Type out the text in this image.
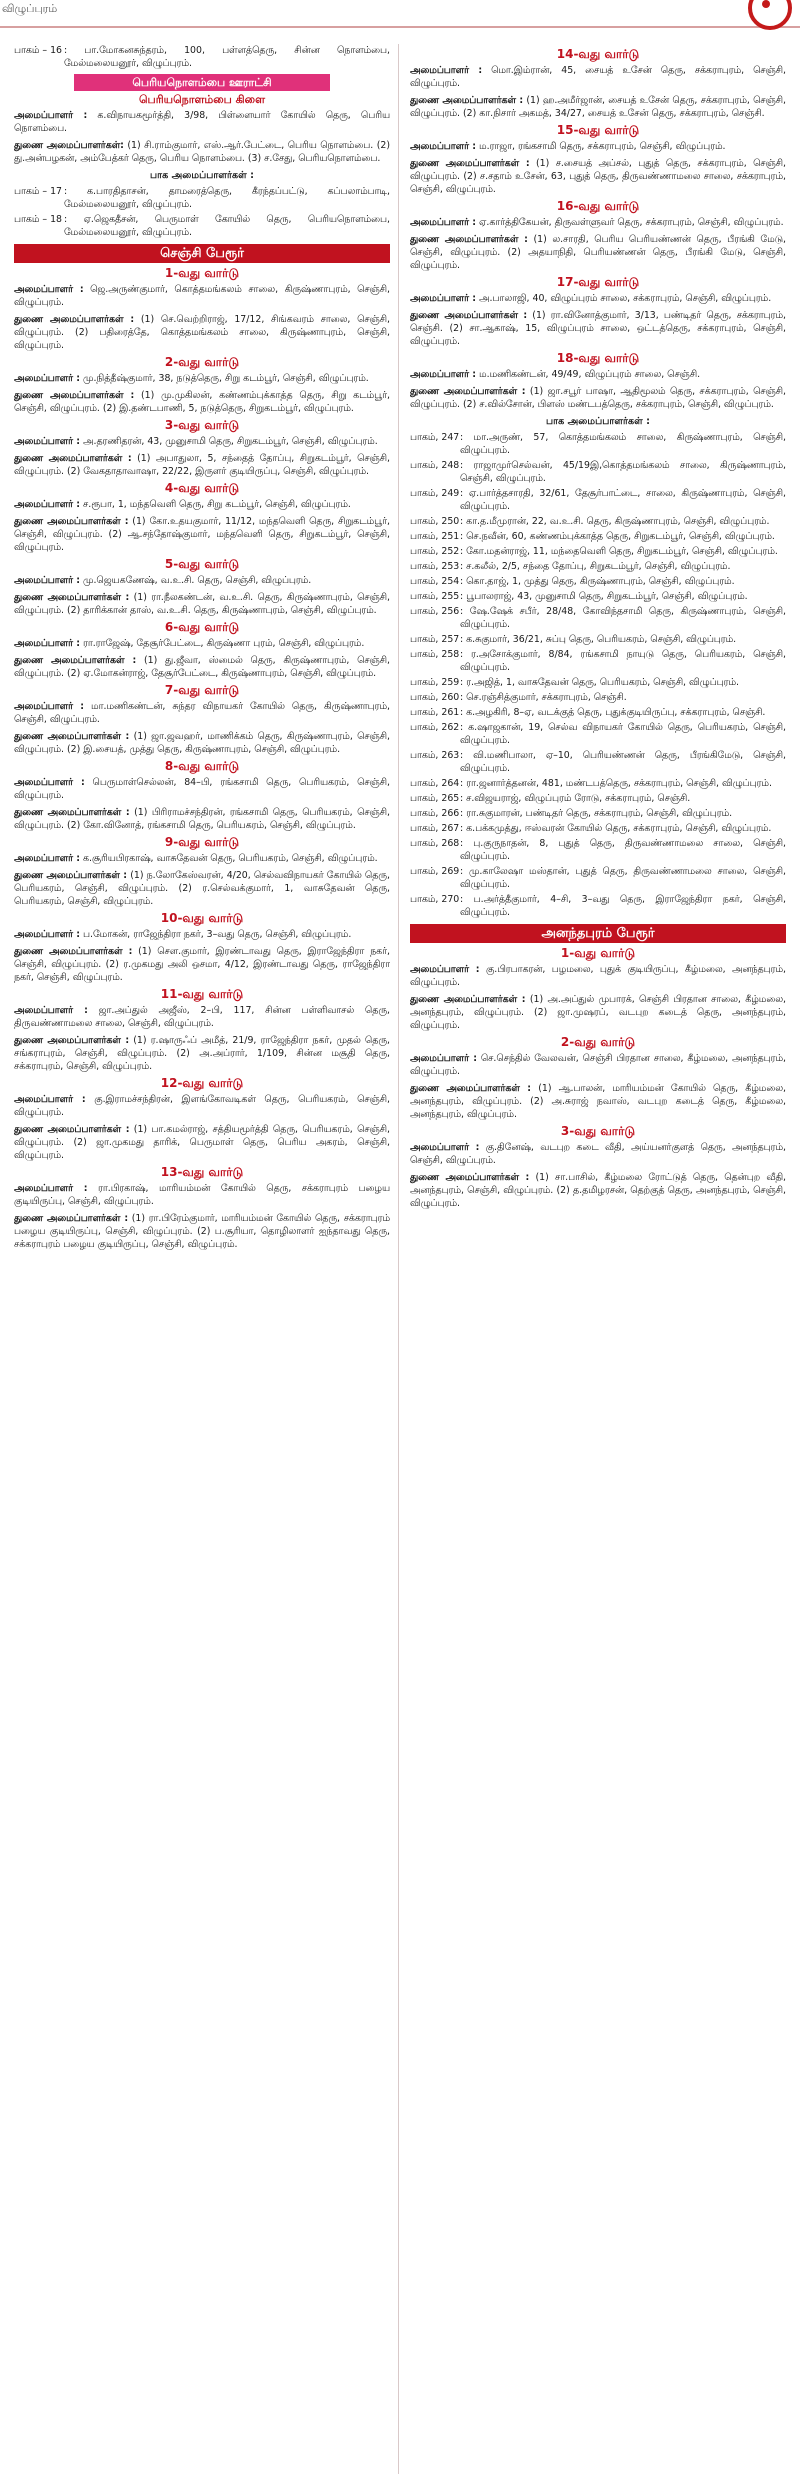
விழுப்புரம்
பாகம் – 16 : பா.மோகனசுந்தரம், 100, பள்ளத்தெரு, சின்ன நொளம்பை, மேல்மலையனூர், விழுப்புரம்.
பெரியநொளம்பை ஊராட்சி
பெரியநொளம்பை கிளை

அமைப்பாளர் : க.விநாயகமூர்த்தி, 3/98, பிள்ளையார் கோயில் தெரு, பெரிய நொளம்பை.

துணை அமைப்பாளர்கள்: (1) சி.ராம்குமார், எஸ்.ஆர்.பேட்டை, பெரிய நொளம்பை. (2) து.அன்பழகன், அம்பேத்கர் தெரு, பெரிய நொளம்பை. (3) ச.சேது, பெரியநொளம்பை.

பாக அமைப்பாளர்கள் :
பாகம் – 17 : க.பாரதிதாசன், தாமரைத்தெரு, கீரந்தப்பட்டு, கப்பலாம்பாடி, மேல்மலையனூர், விழுப்புரம்.
பாகம் – 18 : ஏ.ஜெகதீசன், பெருமாள் கோயில் தெரு, பெரியநொளம்பை, மேல்மலையனூர், விழுப்புரம்.
செஞ்சி பேரூர்
1-வது வார்டு

அமைப்பாளர் : ஜெ.அருண்குமார், கொத்தமங்கலம் சாலை, கிருஷ்ணாபுரம், செஞ்சி, விழுப்புரம்.

துணை அமைப்பாளர்கள் : (1) செ.வெற்றிராஜ், 17/12, சிங்கவரம் சாலை, செஞ்சி, விழுப்புரம். (2) பதிரைத்தே, கொத்தமங்கலம் சாலை, கிருஷ்ணாபுரம், செஞ்சி, விழுப்புரம்.

2-வது வார்டு

அமைப்பாளர் : மு.நித்தீஷ்குமார், 38, நடுத்தெரு, சிறு கடம்பூர், செஞ்சி, விழுப்புரம்.

துணை அமைப்பாளர்கள் : (1) மு.முகிலன், கண்ணம்புக்காத்த தெரு, சிறு கடம்பூர், செஞ்சி, விழுப்புரம். (2) இ.தண்டபாணி, 5, நடுத்தெரு, சிறுகடம்பூர், விழுப்புரம்.

3-வது வார்டு

அமைப்பாளர் : அ.தரணிதரன், 43, முனுசாமி தெரு, சிறுகடம்பூர், செஞ்சி, விழுப்புரம்.

துணை அமைப்பாளர்கள் : (1) அபாதுலா, 5, சந்தைத் தோப்பு, சிறுகடம்பூர், செஞ்சி, விழுப்புரம். (2) வேகதாதாவாஷா, 22/22, இருளர் குடியிருப்பு, செஞ்சி, விழுப்புரம்.

4-வது வார்டு

அமைப்பாளர் : ச.ரூபா, 1, மந்தவெளி தெரு, சிறு கடம்பூர், செஞ்சி, விழுப்புரம்.

துணை அமைப்பாளர்கள் : (1) கோ.உதயகுமார், 11/12, மந்தவெளி தெரு, சிறுகடம்பூர், செஞ்சி, விழுப்புரம். (2) ஆ.சந்தோஷ்குமார், மந்தவெளி தெரு, சிறுகடம்பூர், செஞ்சி, விழுப்புரம்.

5-வது வார்டு

அமைப்பாளர் : மு.ஜெயகணேஷ், வ.உ.சி. தெரு, செஞ்சி, விழுப்புரம்.

துணை அமைப்பாளர்கள் : (1) ரா.நீலகண்டன், வ.உ.சி. தெரு, கிருஷ்ணாபுரம், செஞ்சி, விழுப்புரம். (2) தாரிக்கான் தாஸ், வ.உ.சி. தெரு, கிருஷ்ணாபுரம், செஞ்சி, விழுப்புரம்.

6-வது வார்டு

அமைப்பாளர் : ரா.ராஜேஷ், தேசூர்பேட்டை, கிருஷ்ணா புரம், செஞ்சி, விழுப்புரம்.

துணை அமைப்பாளர்கள் : (1) து.ஜீவா, ஸ்மைல் தெரு, கிருஷ்ணாபுரம், செஞ்சி, விழுப்புரம். (2) ஏ.மோகன்ராஜ், தேசூர்பேட்டை, கிருஷ்ணாபுரம், செஞ்சி, விழுப்புரம்.

7-வது வார்டு

அமைப்பாளர் : மா.மணிகண்டன், சுந்தர விநாயகர் கோயில் தெரு, கிருஷ்ணாபுரம், செஞ்சி, விழுப்புரம்.

துணை அமைப்பாளர்கள் : (1) ஜா.ஜவஹர், மாணிக்கம் தெரு, கிருஷ்ணாபுரம், செஞ்சி, விழுப்புரம். (2) இ.சையத், முத்து தெரு, கிருஷ்ணாபுரம், செஞ்சி, விழுப்புரம்.

8-வது வார்டு

அமைப்பாளர் : பெருமாள்செல்லன், 84–பி, ரங்கசாமி தெரு, பெரியகரம், செஞ்சி, விழுப்புரம்.

துணை அமைப்பாளர்கள் : (1) பிரிராமச்சந்திரன், ரங்கசாமி தெரு, பெரியகரம், செஞ்சி, விழுப்புரம். (2) கோ.வினோத், ரங்கசாமி தெரு, பெரியகரம், செஞ்சி, விழுப்புரம்.

9-வது வார்டு

அமைப்பாளர் : க.சூரியபிரகாஷ், வாசுதேவன் தெரு, பெரியகரம், செஞ்சி, விழுப்புரம்.

துணை அமைப்பாளர்கள் : (1) ந.லோகேஸ்வரன், 4/20, செல்வவிநாயகர் கோயில் தெரு, பெரியகரம், செஞ்சி, விழுப்புரம். (2) ர.செல்வக்குமார், 1, வாசுதேவன் தெரு, பெரியகரம், செஞ்சி, விழுப்புரம்.

10-வது வார்டு

அமைப்பாளர் : ப.மோகன், ராஜேந்திரா நகர், 3–வது தெரு, செஞ்சி, விழுப்புரம்.

துணை அமைப்பாளர்கள் : (1) சௌ.குமார், இரண்டாவது தெரு, இராஜேந்திரா நகர், செஞ்சி, விழுப்புரம். (2) ர.முகமது அலி ஒசமா, 4/12, இரண்டாவது தெரு, ராஜேந்திரா நகர், செஞ்சி, விழுப்புரம்.

11-வது வார்டு

அமைப்பாளர் : ஜா.அப்துல் அஜீஸ், 2–பி, 117, சின்ன பள்ளிவாசல் தெரு, திருவண்ணாமலை சாலை, செஞ்சி, விழுப்புரம்.

துணை அமைப்பாளர்கள் : (1) ர.ஷாருஃப் அமீத், 21/9, ராஜேந்திரா நகர், முதல் தெரு, சங்கராபுரம், செஞ்சி, விழுப்புரம். (2) அ.அப்ரார், 1/109, சின்ன மசூதி தெரு, சக்கராபுரம், செஞ்சி, விழுப்புரம்.

12-வது வார்டு

அமைப்பாளர் : கு.இராமச்சந்திரன், இளங்கோவடிகள் தெரு, பெரியகரம், செஞ்சி, விழுப்புரம்.

துணை அமைப்பாளர்கள் : (1) பா.கமல்ராஜ், சத்தியமூர்த்தி தெரு, பெரியகரம், செஞ்சி, விழுப்புரம். (2) ஜா.முகமது தாரிக், பெருமாள் தெரு, பெரிய அகரம், செஞ்சி, விழுப்புரம்.

13-வது வார்டு

அமைப்பாளர் : ரா.பிரகாஷ், மாரியம்மன் கோயில் தெரு, சக்கராபுரம் பழைய குடியிருப்பு, செஞ்சி, விழுப்புரம்.

துணை அமைப்பாளர்கள் : (1) ரா.பிரேம்குமார், மாரியம்மன் கோயில் தெரு, சக்கராபுரம் பழைய குடியிருப்பு, செஞ்சி, விழுப்புரம். (2) ப.சூரியா, தொழிலாளர் ஐந்தாவது தெரு, சக்கராபுரம் பழைய குடியிருப்பு, செஞ்சி, விழுப்புரம்.

14-வது வார்டு

அமைப்பாளர் : மொ.இம்ரான், 45, சையத் உசேன் தெரு, சக்கராபுரம், செஞ்சி, விழுப்புரம்.

துணை அமைப்பாளர்கள் : (1) ஹ.அமீர்ஜான், சையத் உசேன் தெரு, சக்கராபுரம், செஞ்சி, விழுப்புரம். (2) கா.நிசார் அகமத், 34/27, சையத் உசேன் தெரு, சக்கராபுரம், செஞ்சி.

15-வது வார்டு

அமைப்பாளர் : ம.ராஜா, ரங்கசாமி தெரு, சக்கராபுரம், செஞ்சி, விழுப்புரம்.

துணை அமைப்பாளர்கள் : (1) ச.சையத் அப்சல், புதுத் தெரு, சக்கராபுரம், செஞ்சி, விழுப்புரம். (2) ச.சதாம் உசேன், 63, புதுத் தெரு, திருவண்ணாமலை சாலை, சக்கராபுரம், செஞ்சி, விழுப்புரம்.

16-வது வார்டு

அமைப்பாளர் : ஏ.கார்த்திகேயன், திருவள்ளுவர் தெரு, சக்கராபுரம், செஞ்சி, விழுப்புரம்.

துணை அமைப்பாளர்கள் : (1) ல.சாரதி, பெரிய பெரியண்ணன் தெரு, பீரங்கி மேடு, செஞ்சி, விழுப்புரம். (2) அதயாநிதி, பெரியண்ணன் தெரு, பீரங்கி மேடு, செஞ்சி, விழுப்புரம்.

17-வது வார்டு

அமைப்பாளர் : அ.பாலாஜி, 40, விழுப்புரம் சாலை, சக்கராபுரம், செஞ்சி, விழுப்புரம்.

துணை அமைப்பாளர்கள் : (1) ரா.வினோத்குமார், 3/13, பண்டிதர் தெரு, சக்கராபுரம், செஞ்சி. (2) சா.ஆகாஷ், 15, விழுப்புரம் சாலை, ஒட்டத்தெரு, சக்கராபுரம், செஞ்சி, விழுப்புரம்.

18-வது வார்டு

அமைப்பாளர் : ம.மணிகண்டன், 49/49, விழுப்புரம் சாலை, செஞ்சி.

துணை அமைப்பாளர்கள் : (1) ஜா.சபூர் பாஷா, ஆதிமூலம் தெரு, சக்கராபுரம், செஞ்சி, விழுப்புரம். (2) ச.வில்சோன், பிளஸ் மண்டபத்தெரு, சக்கராபுரம், செஞ்சி, விழுப்புரம்.

பாக அமைப்பாளர்கள் :
பாகம், 247 : மா.அருண், 57, கொத்தமங்கலம் சாலை, கிருஷ்ணாபுரம், செஞ்சி, விழுப்புரம்.
பாகம், 248 : ராஜாமுர்செல்வன், 45/19இ,கொத்தமங்கலம் சாலை, கிருஷ்ணாபுரம், செஞ்சி, விழுப்புரம்.
பாகம், 249 : ஏ.பார்த்தசாரதி, 32/61, தேசூர்பாட்டை, சாலை, கிருஷ்ணாபுரம், செஞ்சி, விழுப்புரம்.
பாகம், 250 : கா.த.மீமுரான், 22, வ.உ.சி. தெரு, கிருஷ்ணாபுரம், செஞ்சி, விழுப்புரம்.
பாகம், 251 : செ.நவீன், 60, கண்ணம்புக்காத்த தெரு, சிறுகடம்பூர், செஞ்சி, விழுப்புரம்.
பாகம், 252 : கோ.மதன்ராஜ், 11, மந்தைவெளி தெரு, சிறுகடம்பூர், செஞ்சி, விழுப்புரம்.
பாகம், 253 : ச.கலீல், 2/5, சந்தை தோப்பு, சிறுகடம்பூர், செஞ்சி, விழுப்புரம்.
பாகம், 254 : கொ.தாஜ், 1, முத்து தெரு, கிருஷ்ணாபுரம், செஞ்சி, விழுப்புரம்.
பாகம், 255 : பூபாலராஜ், 43, முனுசாமி தெரு, சிறுகடம்பூர், செஞ்சி, விழுப்புரம்.
பாகம், 256 : ஷே.ஷேக் சபீர், 28/48, கோவிந்தசாமி தெரு, கிருஷ்ணாபுரம், செஞ்சி, விழுப்புரம்.
பாகம், 257 : க.சுகுமார், 36/21, சுப்பு தெரு, பெரியகரம், செஞ்சி, விழுப்புரம்.
பாகம், 258 : ர.அசோக்குமார், 8/84, ரங்கசாமி நாயுடு தெரு, பெரியகரம், செஞ்சி, விழுப்புரம்.
பாகம், 259 : ர.அஜித், 1, வாசுதேவன் தெரு, பெரியகரம், செஞ்சி, விழுப்புரம்.
பாகம், 260 : செ.ரஞ்சித்குமார், சக்கராபுரம், செஞ்சி.
பாகம், 261 : க.அழகிரி, 8–ஏ, வடக்குத் தெரு, புதுக்குடியிருப்பு, சக்கராபுரம், செஞ்சி.
பாகம், 262 : க.ஷாஜகான், 19, செல்வ விநாயகர் கோயில் தெரு, பெரியகரம், செஞ்சி, விழுப்புரம்.
பாகம், 263 : வி.மணிபாலா, ஏ–10, பெரியண்ணன் தெரு, பீரங்கிமேடு, செஞ்சி, விழுப்புரம்.
பாகம், 264 : ரா.ஜனார்த்தனன், 481, மண்டபத்தெரு, சக்கராபுரம், செஞ்சி, விழுப்புரம்.
பாகம், 265 : ச.விஜயராஜ், விழுப்புரம் ரோடு, சக்கராபுரம், செஞ்சி.
பாகம், 266 : ரா.சுகுமாரன், பண்டிதர் தெரு, சக்கராபுரம், செஞ்சி, விழுப்புரம்.
பாகம், 267 : க.பக்கமுத்து, ஈஸ்வரன் கோயில் தெரு, சக்கராபுரம், செஞ்சி, விழுப்புரம்.
பாகம், 268 : பு.குருநாதன், 8, புதுத் தெரு, திருவண்ணாமலை சாலை, செஞ்சி, விழுப்புரம்.
பாகம், 269 : மு.காலேஷா மஸ்தான், புதுத் தெரு, திருவண்ணாமலை சாலை, செஞ்சி, விழுப்புரம்.
பாகம், 270 : ப.அர்த்தீகுமார், 4–சி, 3–வது தெரு, இராஜேந்திரா நகர், செஞ்சி, விழுப்புரம்.
அனந்தபுரம் பேரூர்
1-வது வார்டு

அமைப்பாளர் : கு.பிரபாகரன், பழமலை, புதுக் குடியிருப்பு, கீழ்மலை, அனந்தபுரம், விழுப்புரம்.

துணை அமைப்பாளர்கள் : (1) அ.அப்துல் முபாரக், செஞ்சி பிரதான சாலை, கீழ்மலை, அனந்தபுரம், விழுப்புரம். (2) ஜா.முஷரப், வடபுற கடைத் தெரு, அனந்தபுரம், விழுப்புரம்.

2-வது வார்டு

அமைப்பாளர் : செ.செந்தில் வேலவன், செஞ்சி பிரதான சாலை, கீழ்மலை, அனந்தபுரம், விழுப்புரம்.

துணை அமைப்பாளர்கள் : (1) ஆ.பாலன், மாரியம்மன் கோயில் தெரு, கீழ்மலை, அனந்தபுரம், விழுப்புரம். (2) அ.சுராஜ் நவாஸ், வடபுற கடைத் தெரு, கீழ்மலை, அனந்தபுரம், விழுப்புரம்.

3-வது வார்டு

அமைப்பாளர் : கு.தினேஷ், வடபுற கடை வீதி, அய்யனர்குளத் தெரு, அனந்தபுரம், செஞ்சி, விழுப்புரம்.

துணை அமைப்பாளர்கள் : (1) சா.பாசில், கீழ்மலை ரோட்டுத் தெரு, தென்புற வீதி, அனந்தபுரம், செஞ்சி, விழுப்புரம். (2) த.தமிழரசன், தெற்குத் தெரு, அனந்தபுரம், செஞ்சி, விழுப்புரம்.
